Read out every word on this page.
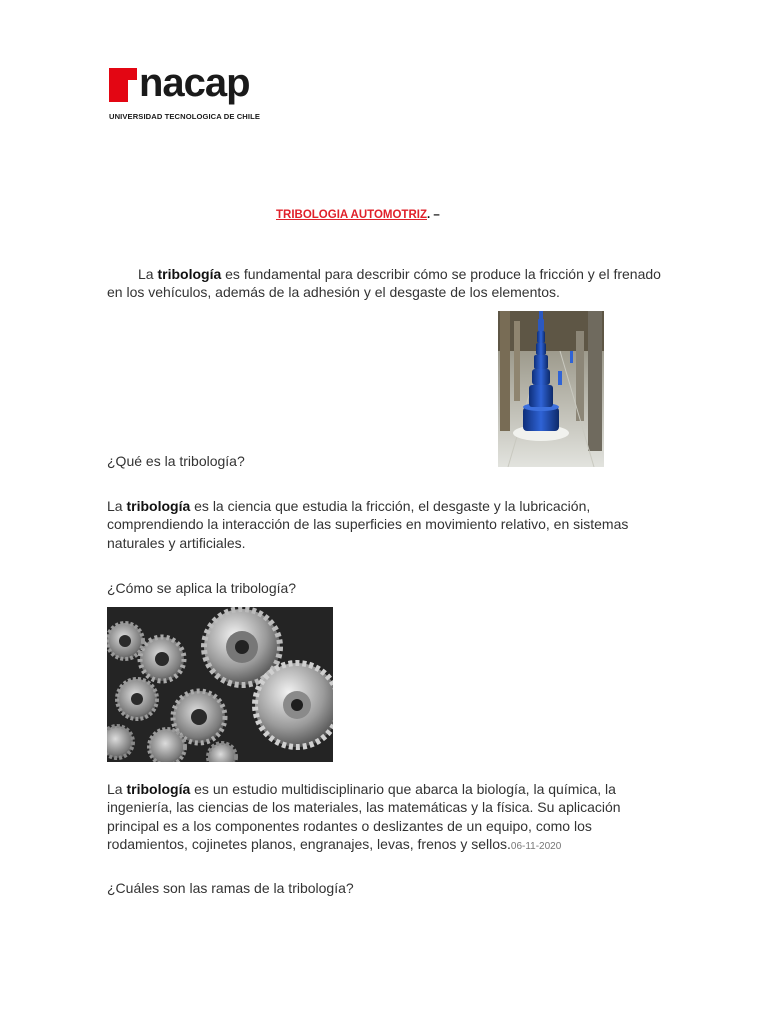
nacap
UNIVERSIDAD TECNOLOGICA DE CHILE
TRIBOLOGIA AUTOMOTRIZ. –
La tribología es fundamental para describir cómo se produce la fricción y el frenado en los vehículos, además de la adhesión y el desgaste de los elementos.
¿Qué es la tribología?
La tribología es la ciencia que estudia la fricción, el desgaste y la lubricación, comprendiendo la interacción de las superficies en movimiento relativo, en sistemas naturales y artificiales.
¿Cómo se aplica la tribología?
La tribología es un estudio multidisciplinario que abarca la biología, la química, la ingeniería, las ciencias de los materiales, las matemáticas y la física. Su aplicación principal es a los componentes rodantes o deslizantes de un equipo, como los rodamientos, cojinetes planos, engranajes, levas, frenos y sellos.06-11-2020
¿Cuáles son las ramas de la tribología?
